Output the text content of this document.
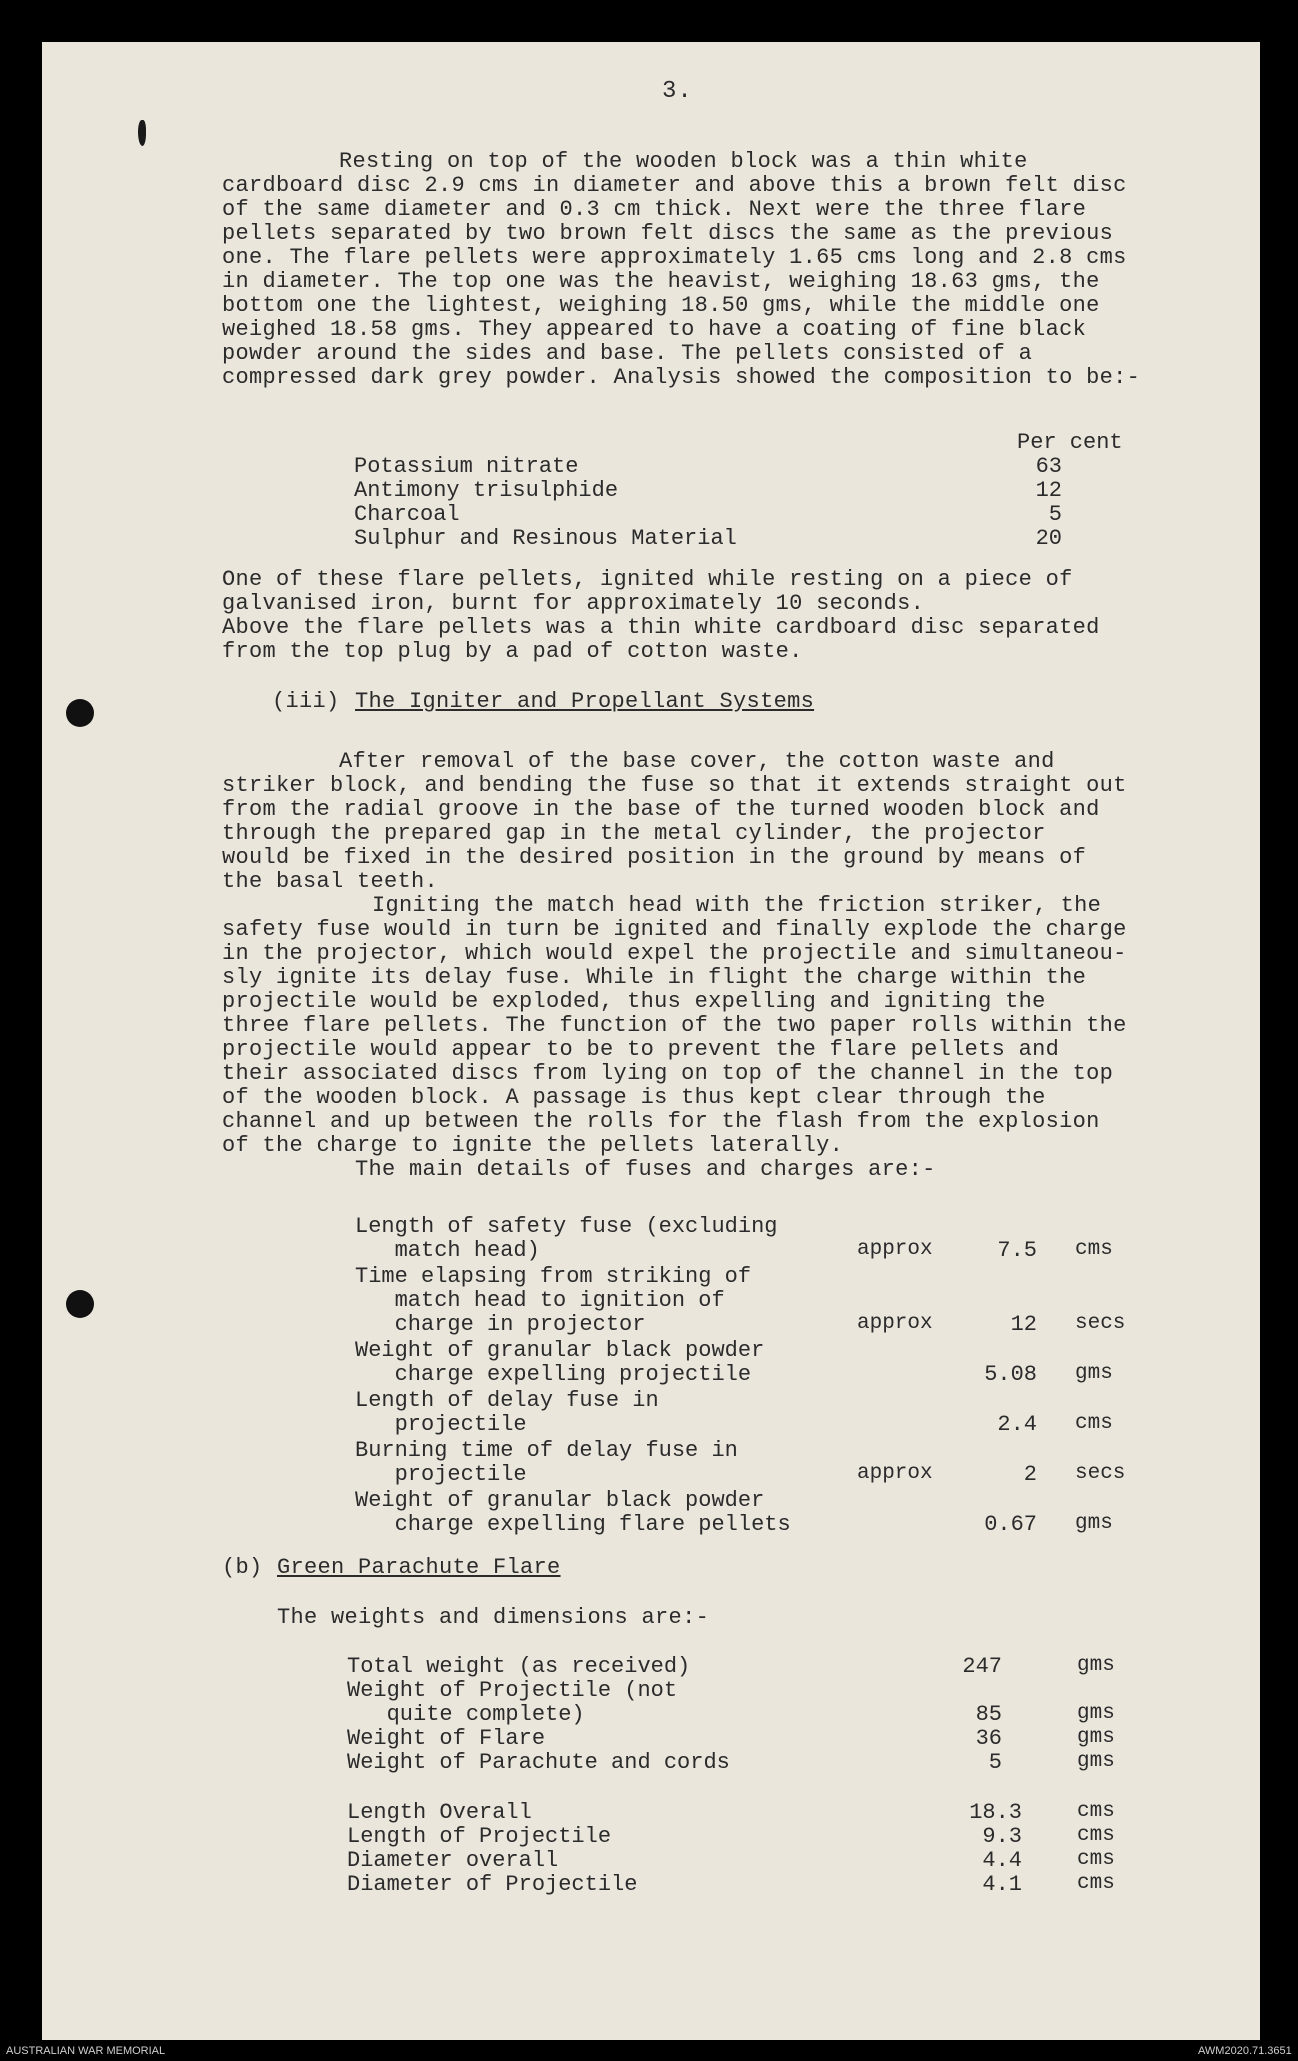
3.
Resting on top of the wooden block was a thin white
cardboard disc 2.9 cms in diameter and above this a brown felt disc
of the same diameter and 0.3 cm thick. Next were the three flare
pellets separated by two brown felt discs the same as the previous
one. The flare pellets were approximately 1.65 cms long and 2.8 cms
in diameter. The top one was the heavist, weighing 18.63 gms, the
bottom one the lightest, weighing 18.50 gms, while the middle one
weighed 18.58 gms. They appeared to have a coating of fine black
powder around the sides and base. The pellets consisted of a
compressed dark grey powder. Analysis showed the composition to be:-
Per cent
Potassium nitrate	63
Antimony trisulphide	12
Charcoal	5
Sulphur and Resinous Material	20
One of these flare pellets, ignited while resting on a piece of
galvanised iron, burnt for approximately 10 seconds.
Above the flare pellets was a thin white cardboard disc separated
from the top plug by a pad of cotton waste.
(iii) The Igniter and Propellant Systems
After removal of the base cover, the cotton waste and
striker block, and bending the fuse so that it extends straight out
from the radial groove in the base of the turned wooden block and
through the prepared gap in the metal cylinder, the projector
would be fixed in the desired position in the ground by means of
the basal teeth.
Igniting the match head with the friction striker, the
safety fuse would in turn be ignited and finally explode the charge
in the projector, which would expel the projectile and simultaneou-
sly ignite its delay fuse. While in flight the charge within the
projectile would be exploded, thus expelling and igniting the
three flare pellets. The function of the two paper rolls within the
projectile would appear to be to prevent the flare pellets and
their associated discs from lying on top of the channel in the top
of the wooden block. A passage is thus kept clear through the
channel and up between the rolls for the flash from the explosion
of the charge to ignite the pellets laterally.
The main details of fuses and charges are:-
Length of safety fuse (excluding
match head)	approx	7.5 cms
Time elapsing from striking of
match head to ignition of
charge in projector	approx	12 secs
Weight of granular black powder
charge expelling projectile	5.08 gms
Length of delay fuse in
projectile	2.4 cms
Burning time of delay fuse in
projectile	approx	2 secs
Weight of granular black powder
charge expelling flare pellets	0.67 gms
(b) Green Parachute Flare
The weights and dimensions are:-
Total weight (as received)	247	gms
Weight of Projectile (not
quite complete)	85	gms
Weight of Flare	36	gms
Weight of Parachute and cords	5	gms
Length Overall	18.3	cms
Length of Projectile	9.3	cms
Diameter overall	4.4	cms
Diameter of Projectile	4.1	cms
AUSTRALIAN WAR MEMORIAL	AWM2020.71.3651
